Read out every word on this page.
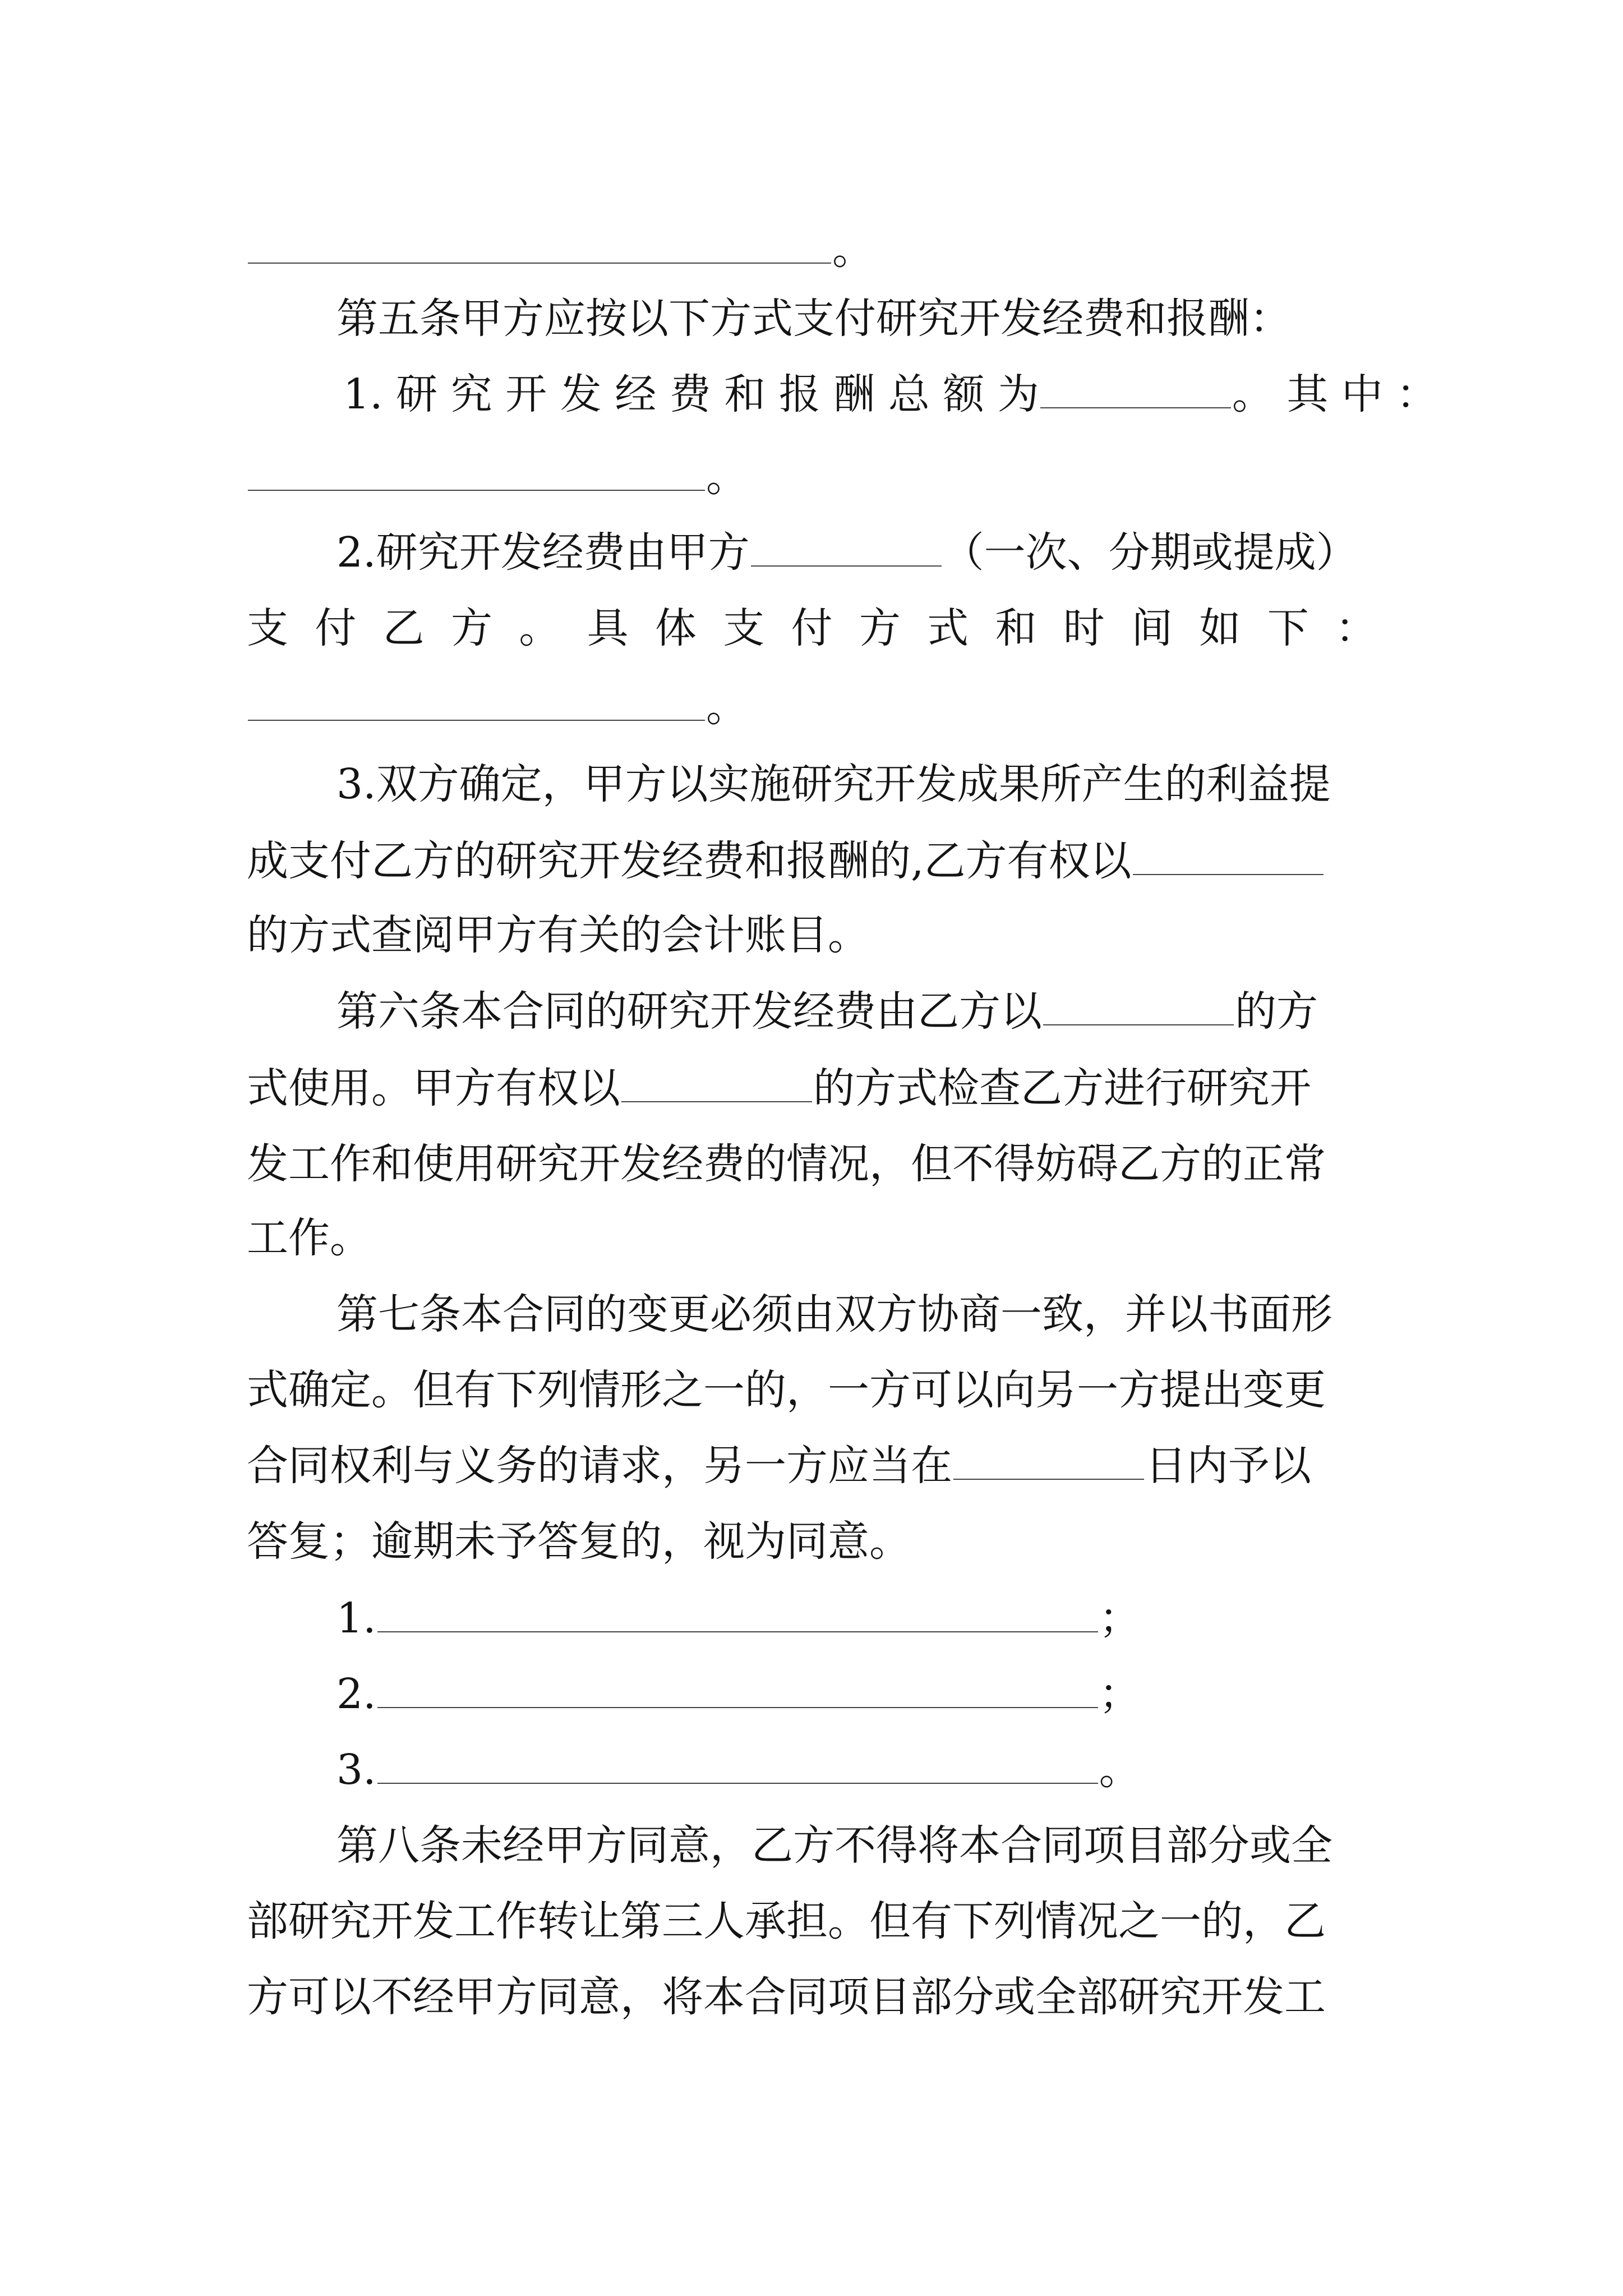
。
第五条甲方应按以下方式支付研究开发经费和报酬：
1. 研 究 开 发 经 费 和 报 酬 总 额 为	。 其 中 ：
。
2.研究开发经费由甲方	（一次、分期或提成）
支 付 乙 方 。 具 体 支 付 方 式 和 时 间 如 下 ：
。
3.双方确定，甲方以实施研究开发成果所产生的利益提
成支付乙方的研究开发经费和报酬的,乙方有权以
的方式查阅甲方有关的会计账目。
第六条本合同的研究开发经费由乙方以	的方
式使用。甲方有权以	的方式检查乙方进行研究开
发工作和使用研究开发经费的情况，但不得妨碍乙方的正常
工作。
第七条本合同的变更必须由双方协商一致，并以书面形
式确定。但有下列情形之一的，一方可以向另一方提出变更
合同权利与义务的请求，另一方应当在	日内予以
答复；逾期未予答复的，视为同意。
1.	；
2.	；
3.	。
第八条未经甲方同意，乙方不得将本合同项目部分或全
部研究开发工作转让第三人承担。但有下列情况之一的，乙
方可以不经甲方同意，将本合同项目部分或全部研究开发工
